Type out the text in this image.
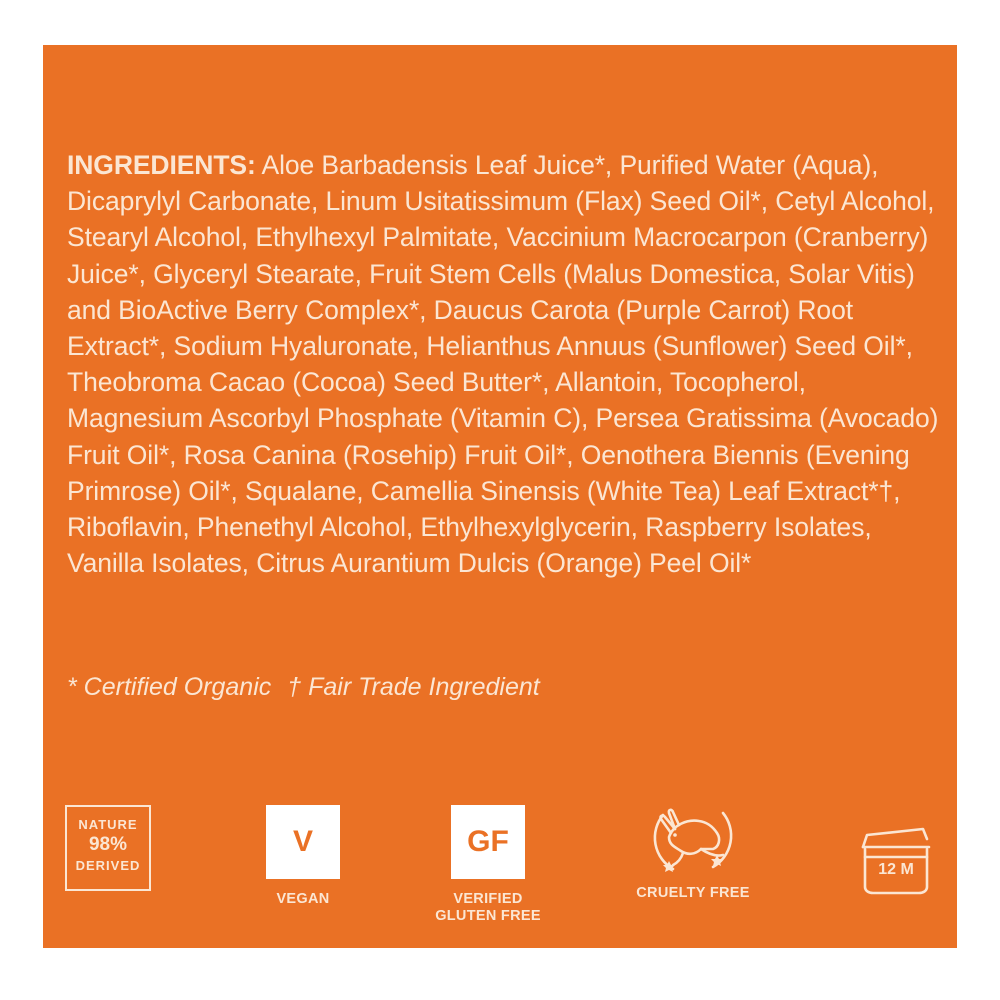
INGREDIENTS: Aloe Barbadensis Leaf Juice*, Purified Water (Aqua), Dicaprylyl Carbonate, Linum Usitatissimum (Flax) Seed Oil*, Cetyl Alcohol, Stearyl Alcohol, Ethylhexyl Palmitate, Vaccinium Macrocarpon (Cranberry) Juice*, Glyceryl Stearate, Fruit Stem Cells (Malus Domestica, Solar Vitis) and BioActive Berry Complex*, Daucus Carota (Purple Carrot) Root Extract*, Sodium Hyaluronate, Helianthus Annuus (Sunflower) Seed Oil*, Theobroma Cacao (Cocoa) Seed Butter*, Allantoin, Tocopherol, Magnesium Ascorbyl Phosphate (Vitamin C), Persea Gratissima (Avocado) Fruit Oil*, Rosa Canina (Rosehip) Fruit Oil*, Oenothera Biennis (Evening Primrose) Oil*, Squalane, Camellia Sinensis (White Tea) Leaf Extract*†, Riboflavin, Phenethyl Alcohol, Ethylhexylglycerin, Raspberry Isolates, Vanilla Isolates, Citrus Aurantium Dulcis (Orange) Peel Oil*

* Certified Organic † Fair Trade Ingredient

NATURE
98%
DERIVED
V
VEGAN
GF
VERIFIED
GLUTEN FREE
CRUELTY FREE
12 M
